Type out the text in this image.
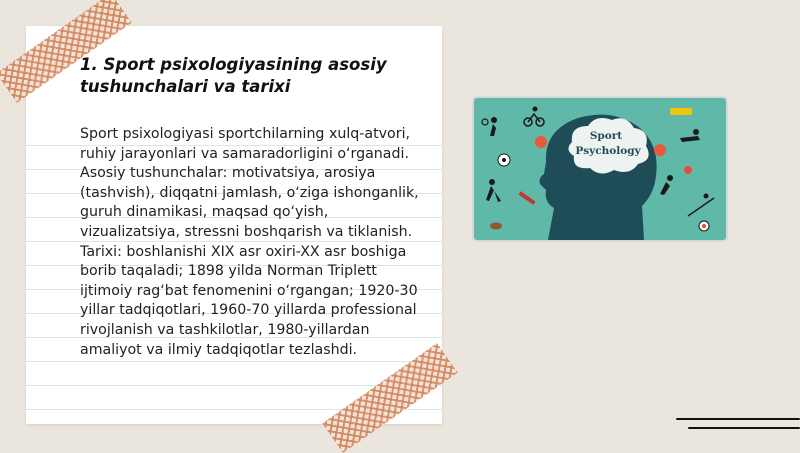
1. Sport psixologiyasining asosiy tushunchalari va tarixi

Sport psixologiyasi sportchilarning xulq-atvori, ruhiy jarayonlari va samaradorligini o‘rganadi. Asosiy tushunchalar: motivatsiya, arosiya (tashvish), diqqatni jamlash, o‘ziga ishonganlik, guruh dinamikasi, maqsad qo‘yish, vizualizatsiya, stressni boshqarish va tiklanish. Tarixi: boshlanishi XIX asr oxiri-XX asr boshiga borib taqaladi; 1898 yilda Norman Triplett ijtimoiy rag‘bat fenomenini o‘rgangan; 1920-30 yillar tadqiqotlari, 1960-70 yillarda professional rivojlanish va tashkilotlar, 1980-yillardan amaliyot va ilmiy tadqiqotlar tezlashdi.

Sport
Psychology
